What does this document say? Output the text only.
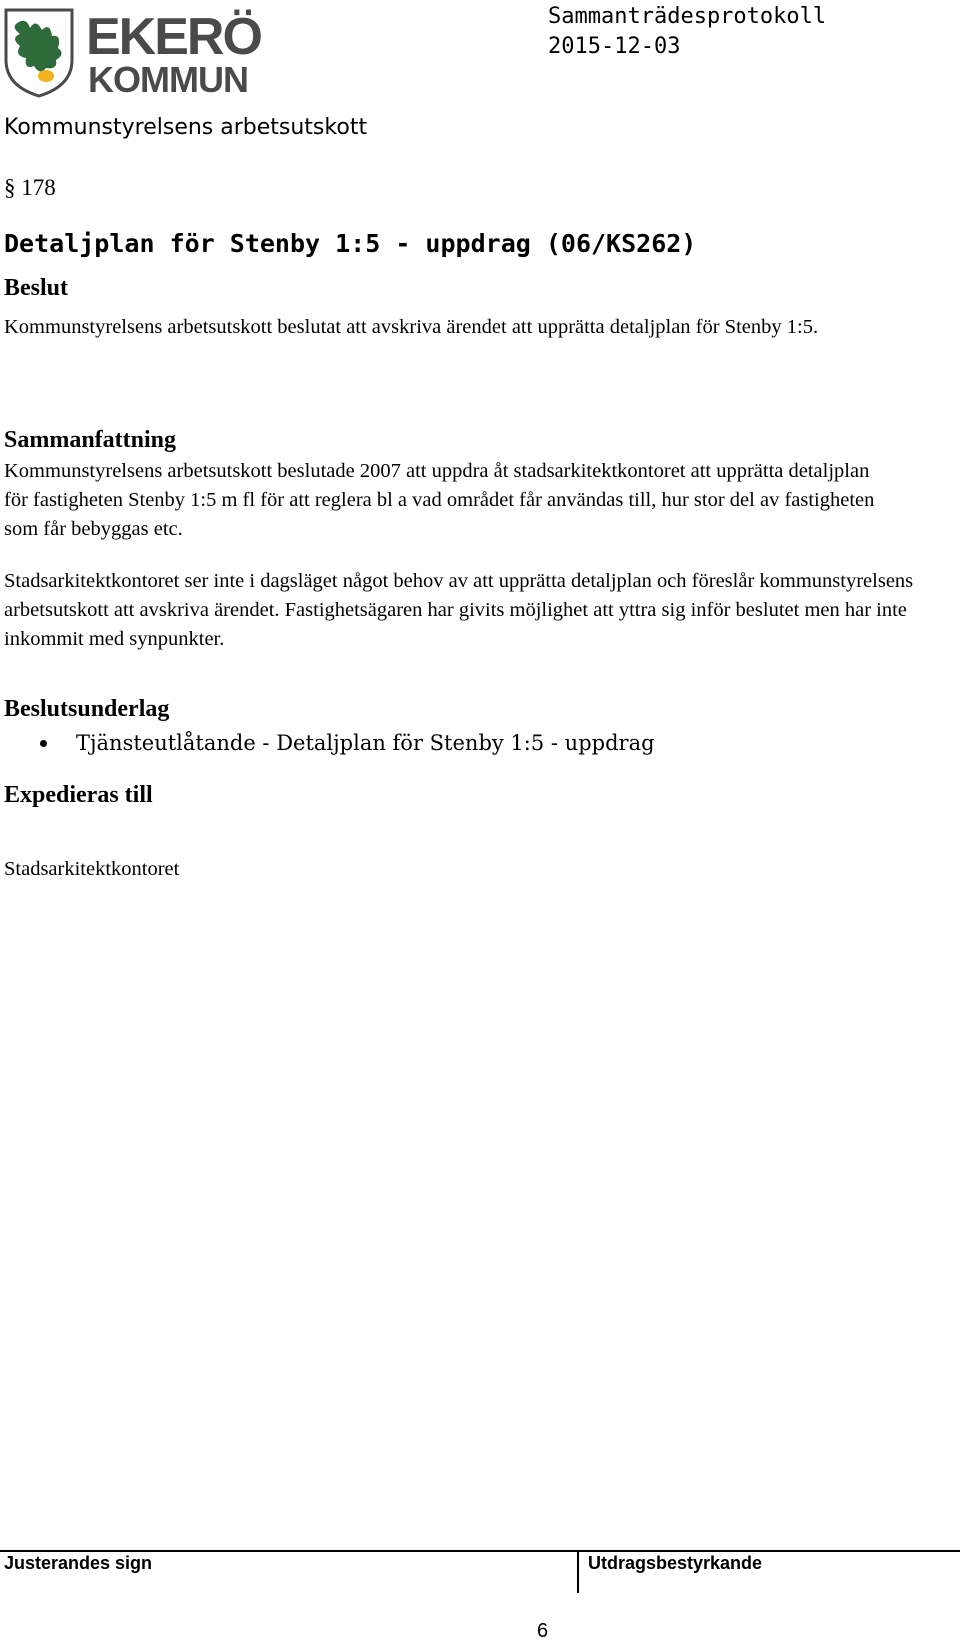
EKERÖ
KOMMUN
Sammanträdesprotokoll
2015-12-03
Kommunstyrelsens arbetsutskott
§ 178
Detaljplan för Stenby 1:5 - uppdrag (06/KS262)
Beslut
Kommunstyrelsens arbetsutskott beslutat att avskriva ärendet att upprätta detaljplan för Stenby 1:5.
Sammanfattning
Kommunstyrelsens arbetsutskott beslutade 2007 att uppdra åt stadsarkitektkontoret att upprätta detaljplan för fastigheten Stenby 1:5 m fl för att reglera bl a vad området får användas till, hur stor del av fastigheten som får bebyggas etc.
Stadsarkitektkontoret ser inte i dagsläget något behov av att upprätta detaljplan och föreslår kommunstyrelsens arbetsutskott att avskriva ärendet. Fastighetsägaren har givits möjlighet att yttra sig inför beslutet men har inte inkommit med synpunkter.
Beslutsunderlag
Tjänsteutlåtande - Detaljplan för Stenby 1:5 - uppdrag
Expedieras till
Stadsarkitektkontoret
Justerandes sign	Utdragsbestyrkande
6
